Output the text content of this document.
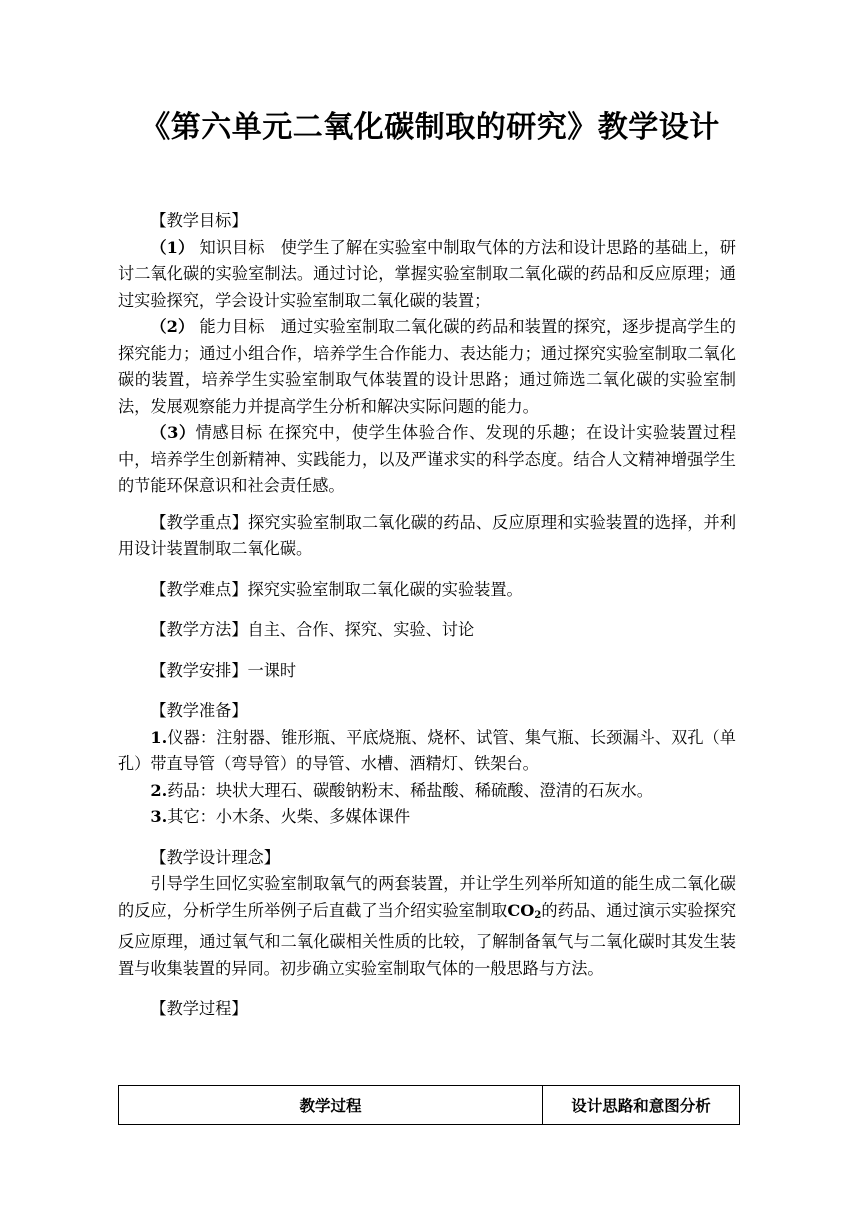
《第六单元二氧化碳制取的研究》教学设计

【教学目标】

（1） 知识目标　使学生了解在实验室中制取气体的方法和设计思路的基础上，研讨二氧化碳的实验室制法。通过讨论，掌握实验室制取二氧化碳的药品和反应原理；通过实验探究，学会设计实验室制取二氧化碳的装置；

（2） 能力目标　通过实验室制取二氧化碳的药品和装置的探究，逐步提高学生的探究能力；通过小组合作，培养学生合作能力、表达能力；通过探究实验室制取二氧化碳的装置，培养学生实验室制取气体装置的设计思路；通过筛选二氧化碳的实验室制法，发展观察能力并提高学生分析和解决实际问题的能力。

（3）情感目标 在探究中，使学生体验合作、发现的乐趣；在设计实验装置过程中，培养学生创新精神、实践能力，以及严谨求实的科学态度。结合人文精神增强学生的节能环保意识和社会责任感。

【教学重点】探究实验室制取二氧化碳的药品、反应原理和实验装置的选择，并利用设计装置制取二氧化碳。

【教学难点】探究实验室制取二氧化碳的实验装置。

【教学方法】自主、合作、探究、实验、讨论

【教学安排】一课时

【教学准备】

1.仪器：注射器、锥形瓶、平底烧瓶、烧杯、试管、集气瓶、长颈漏斗、双孔（单孔）带直导管（弯导管）的导管、水槽、酒精灯、铁架台。

2.药品：块状大理石、碳酸钠粉末、稀盐酸、稀硫酸、澄清的石灰水。

3.其它：小木条、火柴、多媒体课件

【教学设计理念】

引导学生回忆实验室制取氧气的两套装置，并让学生列举所知道的能生成二氧化碳的反应，分析学生所举例子后直截了当介绍实验室制取$CO_2$的药品、通过演示实验探究反应原理，通过氧气和二氧化碳相关性质的比较，了解制备氧气与二氧化碳时其发生装置与收集装置的异同。初步确立实验室制取气体的一般思路与方法。

【教学过程】

教学过程	设计思路和意图分析
